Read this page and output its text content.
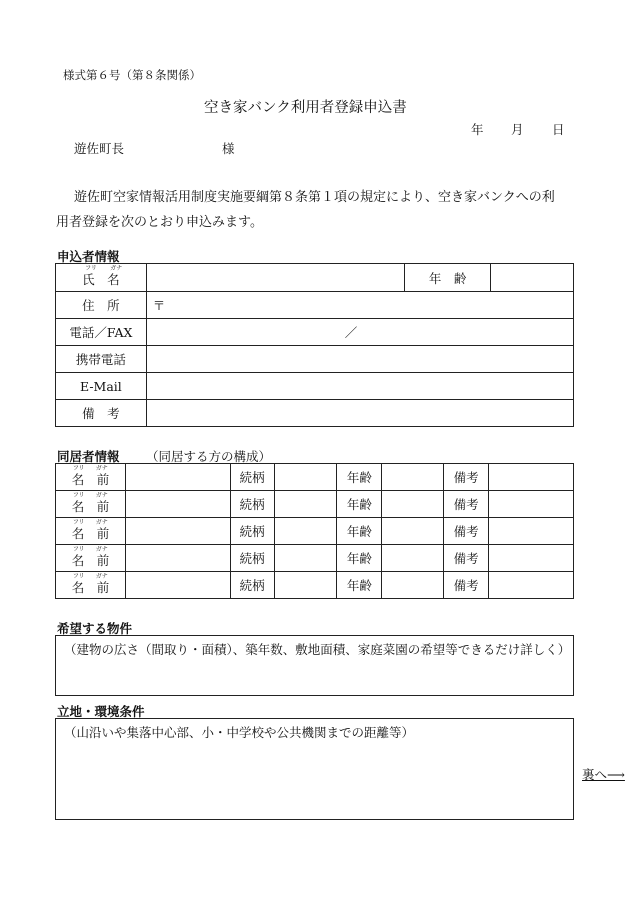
様式第６号（第８条関係）
空き家バンク利用者登録申込書
年 月 日
遊佐町長	様
遊佐町空家情報活用制度実施要綱第８条第１項の規定により、空き家バンクへの利
用者登録を次のとおり申込みます。
申込者情報
フリ ガナ
氏　名		年　齢	
住　所	〒		
電話／FAX	／		
携帯電話			
E-Mail			
備　考			
同居者情報 （同居する方の構成）
フリ ガナ
名　前		続柄		年齢		備考	

フリ ガナ
名　前		続柄		年齢		備考	

フリ ガナ
名　前		続柄		年齢		備考	

フリ ガナ
名　前		続柄		年齢		備考	

フリ ガナ
名　前		続柄		年齢		備考	
希望する物件
（建物の広さ（間取り・面積）、築年数、敷地面積、家庭菜園の希望等できるだけ詳しく）
立地・環境条件
（山沿いや集落中心部、小・中学校や公共機関までの距離等）
裏へ⟶
